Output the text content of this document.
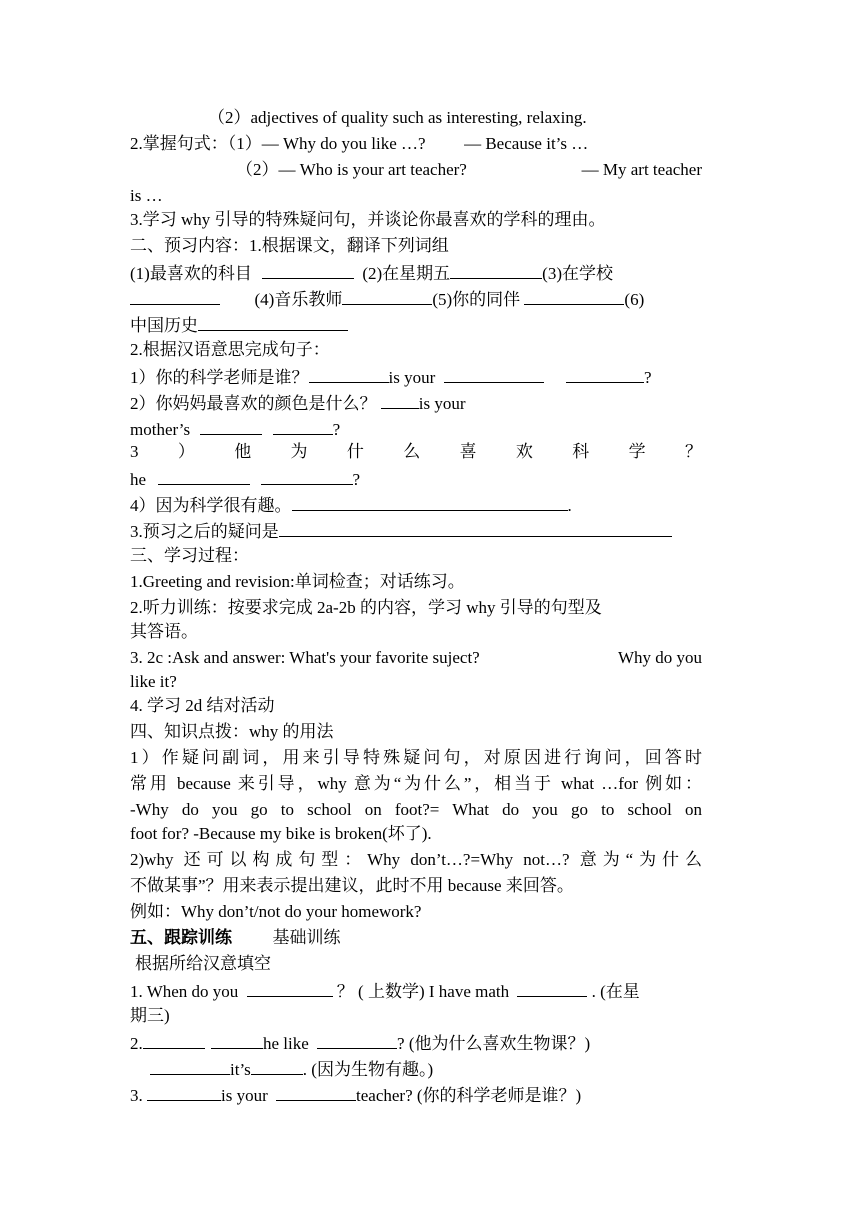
（2）adjectives of quality such as interesting, relaxing.
2.掌握句式：（1）— Why do you like …? — Because it’s …
（2）— Who is your art teacher?	— My art teacher
is …
3.学习 why 引导的特殊疑问句，并谈论你最喜欢的学科的理由。
二、预习内容：1.根据课文，翻译下列词组
(1)最喜欢的科目	(2)在星期五	(3)在学校
(4)音乐教师	(5)你的同伴	(6)
中国历史
2.根据汉语意思完成句子：
1）你的科学老师是谁？	is your	?
2）你妈妈最喜欢的颜色是什么？ is your
mother’s	?
3 ） 他 为 什 么 喜 欢 科 学 ？
he	?
4）因为科学很有趣。	.
3.预习之后的疑问是
三、学习过程：
1.Greeting and revision:单词检查；对话练习。
2.听力训练：按要求完成 2a-2b 的内容，学习 why 引导的句型及
其答语。
3. 2c :Ask and answer: What's your favorite suject?	Why do you
like it?
4. 学习 2d 结对活动
四、知识点拨：why 的用法
1）作疑问副词，用来引导特殊疑问句，对原因进行询问，回答时
常用 because 来引导，why 意为“为什么”，相当于 what …for 例如：
-Why do you go to school on foot?= What do you go to school on
foot for? -Because my bike is broken(坏了).
2)why 还可以构成句型：Why don’t…?=Why not…? 意为“为什么
不做某事”？用来表示提出建议，此时不用 because 来回答。
例如：Why don’t/not do your homework?
五、跟踪训练 基础训练
根据所给汉意填空
1. When do you	？ ( 上数学) I have math	. (在星
期三)
2.	he like	? (他为什么喜欢生物课？)
it’s	. (因为生物有趣。)
3.	is your	teacher? (你的科学老师是谁？)
